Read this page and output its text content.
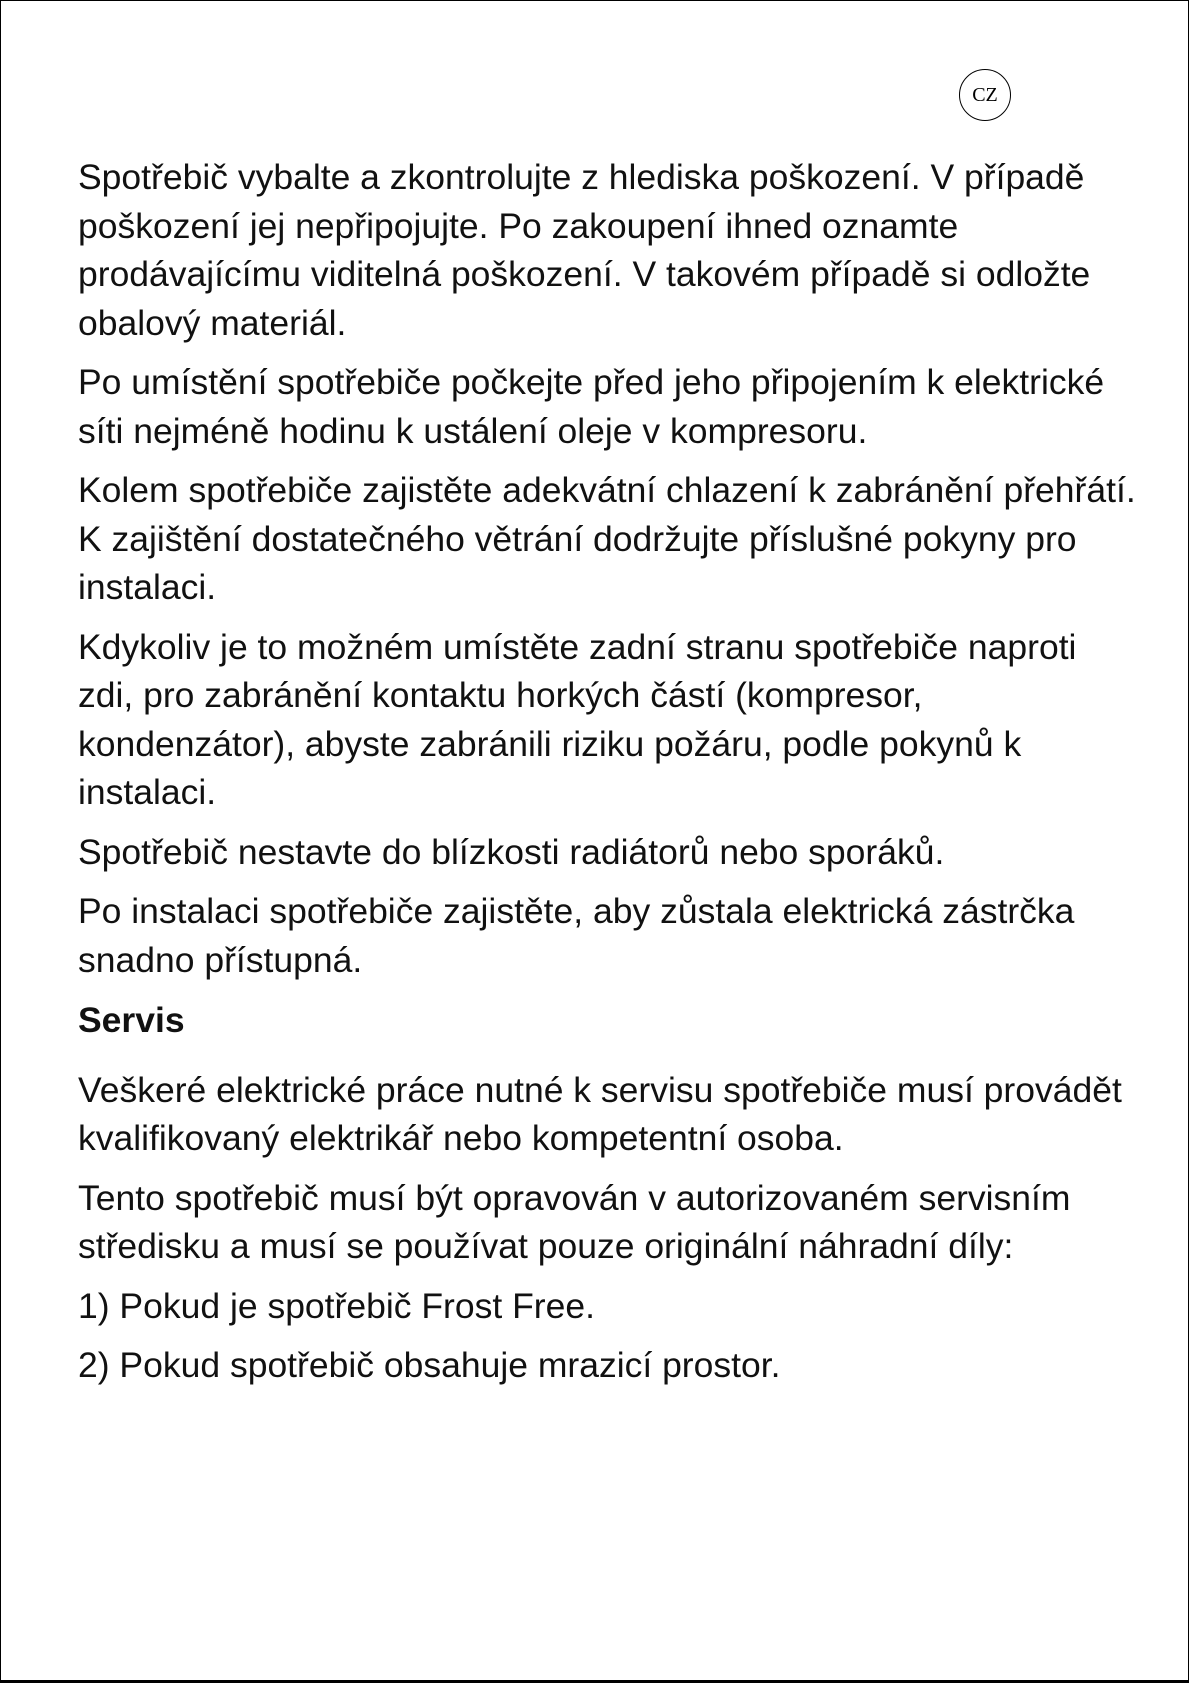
CZ

Spotřebič vybalte a zkontrolujte z hlediska poškození. V případě poškození jej nepřipojujte. Po zakoupení ihned oznamte prodávajícímu viditelná poškození. V takovém případě si odložte obalový materiál.

Po umístění spotřebiče počkejte před jeho připojením k elektrické síti nejméně hodinu k ustálení oleje v kompresoru.

Kolem spotřebiče zajistěte adekvátní chlazení k zabránění přehřátí. K zajištění dostatečného větrání dodržujte příslušné pokyny pro instalaci.

Kdykoliv je to možném umístěte zadní stranu spotřebiče naproti zdi, pro zabránění kontaktu horkých částí (kompresor, kondenzátor), abyste zabránili riziku požáru, podle pokynů k instalaci.

Spotřebič nestavte do blízkosti radiátorů nebo sporáků.

Po instalaci spotřebiče zajistěte, aby zůstala elektrická zástrčka snadno přístupná.

Servis

Veškeré elektrické práce nutné k servisu spotřebiče musí provádět kvalifikovaný elektrikář nebo kompetentní osoba.

Tento spotřebič musí být opravován v autorizovaném servisním středisku a musí se používat pouze originální náhradní díly:

1) Pokud je spotřebič Frost Free.

2) Pokud spotřebič obsahuje mrazicí prostor.
